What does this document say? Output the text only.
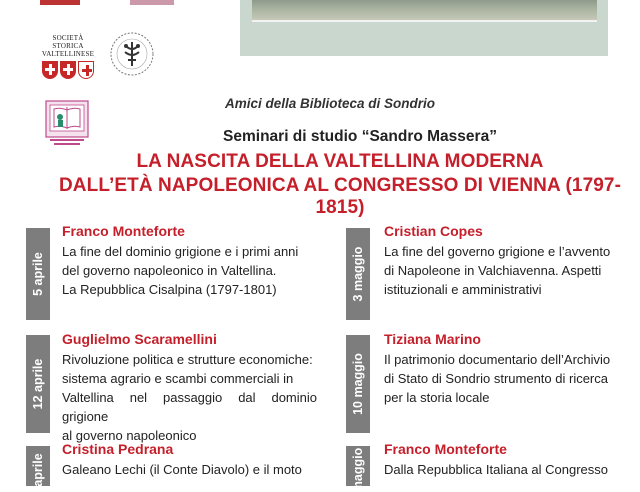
SOCIETÀ STORICA
VALTELLINESE
Amici della Biblioteca di Sondrio
Seminari di studio “Sandro Massera”
LA NASCITA DELLA VALTELLINA MODERNA
DALL’ETÀ NAPOLEONICA AL CONGRESSO DI VIENNA (1797-1815)
5 aprile
Franco Monteforte
La fine del dominio grigione e i primi anni
del governo napoleonico in Valtellina.
La Repubblica Cisalpina (1797-1801)
12 aprile
Guglielmo Scaramellini
Rivoluzione politica e strutture economiche:
sistema agrario e scambi commerciali in
Valtellina nel passaggio dal dominio grigione
al governo napoleonico
aprile
Cristina Pedrana
Galeano Lechi (il Conte Diavolo) e il moto
3 maggio
Cristian Copes
La fine del governo grigione e l’avvento
di Napoleone in Valchiavenna. Aspetti
istituzionali e amministrativi
10 maggio
Tiziana Marino
Il patrimonio documentario dell’Archivio
di Stato di Sondrio strumento di ricerca
per la storia locale
maggio Franco Monteforte
Dalla Repubblica Italiana al Congresso
